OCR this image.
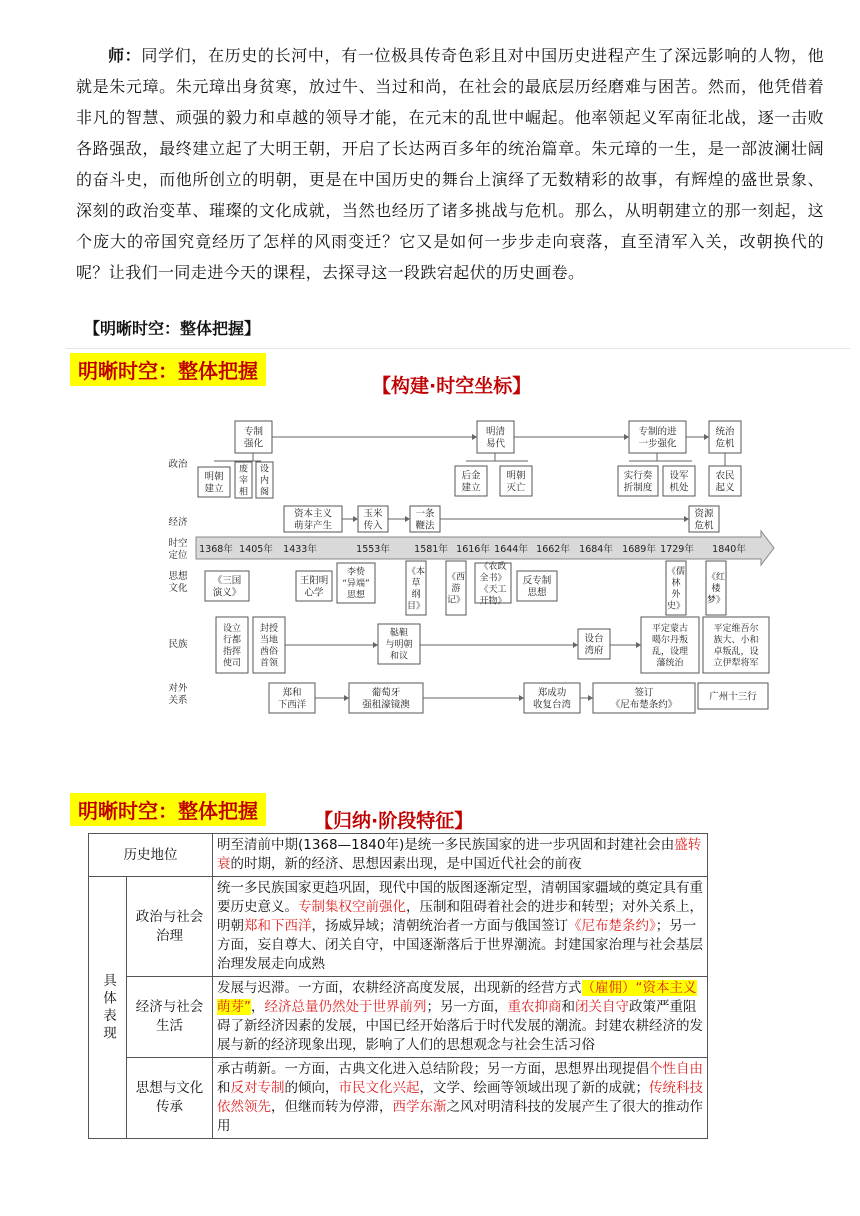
师：同学们，在历史的长河中，有一位极具传奇色彩且对中国历史进程产生了深远影响的人物，他就是朱元璋。朱元璋出身贫寒，放过牛、当过和尚，在社会的最底层历经磨难与困苦。然而，他凭借着非凡的智慧、顽强的毅力和卓越的领导才能，在元末的乱世中崛起。他率领起义军南征北战，逐一击败各路强敌，最终建立起了大明王朝，开启了长达两百多年的统治篇章。朱元璋的一生，是一部波澜壮阔的奋斗史，而他所创立的明朝，更是在中国历史的舞台上演绎了无数精彩的故事，有辉煌的盛世景象、深刻的政治变革、璀璨的文化成就，当然也经历了诸多挑战与危机。那么，从明朝建立的那一刻起，这个庞大的帝国究竟经历了怎样的风雨变迁？它又是如何一步步走向衰落，直至清军入关，改朝换代的呢？让我们一同走进今天的课程，去探寻这一段跌宕起伏的历史画卷。
【明晰时空：整体把握】
明晰时空：整体把握
【构建·时空坐标】
政治
经济
时空定位
思想文化
民族
对外关系
1368年 1405年 1433年	1553年	1581年 1616年 1644年 1662年 1684年 1689年 1729年 1840年
专制强化
明清易代
专制的进一步强化
统治危机
明朝建立
废宰相
设内阁
后金建立
明朝灭亡
实行奏折制度
设军机处
农民起义
资本主义萌芽产生
玉米传入
一条鞭法
资源危机
《三国演义》
王阳明心学
李贽“异端”思想
《本草纲目》
《西游记》
《农政全书》《天工开物》
反专制思想
《儒林外史》
《红楼梦》
设立行都指挥使司
封授当地酋俗首领
鞑靼与明朝和议
设台湾府
平定蒙古噶尔丹叛乱，设理藩统治
平定维吾尔族大、小和卓叛乱，设立伊犁将军
郑和下西洋
葡萄牙强租濠镜澳
郑成功收复台湾
签订《尼布楚条约》
广州十三行
明晰时空：整体把握	【归纳·阶段特征】
历史地位		明至清前中期(1368—1840年)是统一多民族国家的进一步巩固和封建社会由盛转衰的时期，新的经济、思想因素出现，是中国近代社会的前夜
具体表现	政治与社会治理	统一多民族国家更趋巩固，现代中国的版图逐渐定型，清朝国家疆域的奠定具有重要历史意义。专制集权空前强化，压制和阻碍着社会的进步和转型；对外关系上，明朝郑和下西洋，扬威异域；清朝统治者一方面与俄国签订《尼布楚条约》；另一方面，妄自尊大、闭关自守，中国逐渐落后于世界潮流。封建国家治理与社会基层治理发展走向成熟
	经济与社会生活	发展与迟滞。一方面，农耕经济高度发展，出现新的经营方式（雇佣）“资本主义萌芽”，经济总量仍然处于世界前列；另一方面，重农抑商和闭关自守政策严重阻碍了新经济因素的发展，中国已经开始落后于时代发展的潮流。封建农耕经济的发展与新的经济现象出现，影响了人们的思想观念与社会生活习俗
	思想与文化传承	承古萌新。一方面，古典文化进入总结阶段；另一方面，思想界出现提倡个性自由和反对专制的倾向，市民文化兴起，文学、绘画等领域出现了新的成就；传统科技依然领先，但继而转为停滞，西学东渐之风对明清科技的发展产生了很大的推动作用
